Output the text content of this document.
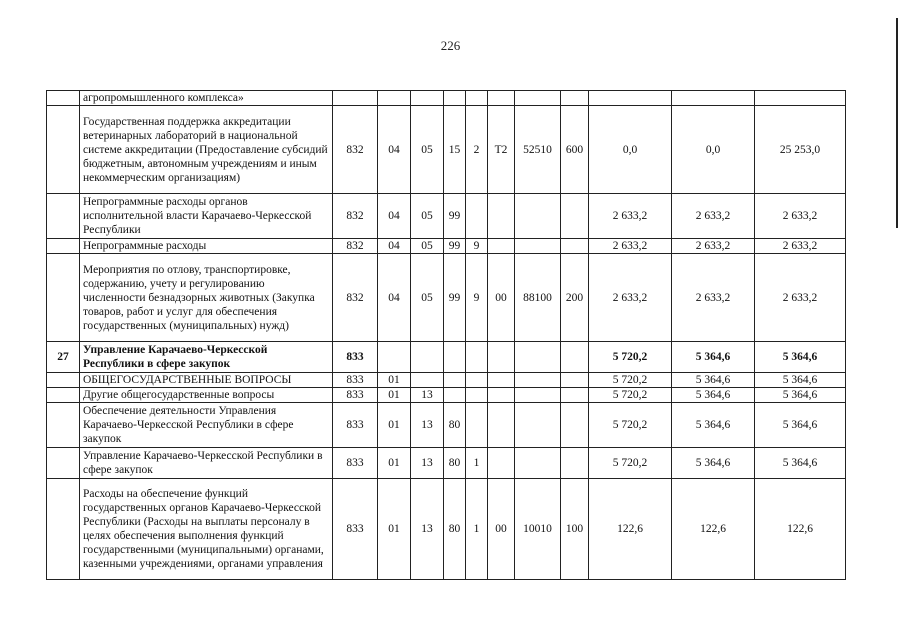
226
	агропромышленного комплекса»											
	Государственная поддержка аккредитации ветеринарных лабораторий в национальной системе аккредитации (Предоставление субсидий бюджетным, автономным учреждениям и иным некоммерческим организациям)	832	04	05	15	2	Т2	52510	600	0,0	0,0	25 253,0
	Непрограммные расходы органов исполнительной власти Карачаево-Черкесской Республики	832	04	05	99					2 633,2	2 633,2	2 633,2
	Непрограммные расходы	832	04	05	99	9				2 633,2	2 633,2	2 633,2
	Мероприятия по отлову, транспортировке, содержанию, учету и регулированию численности безнадзорных животных (Закупка товаров, работ и услуг для обеспечения государственных (муниципальных) нужд)	832	04	05	99	9	00	88100	200	2 633,2	2 633,2	2 633,2
27	Управление Карачаево-Черкесской Республики в сфере закупок	833								5 720,2	5 364,6	5 364,6
	ОБЩЕГОСУДАРСТВЕННЫЕ ВОПРОСЫ	833	01							5 720,2	5 364,6	5 364,6
	Другие общегосударственные вопросы	833	01	13						5 720,2	5 364,6	5 364,6
	Обеспечение деятельности Управления Карачаево-Черкесской Республики в сфере закупок	833	01	13	80					5 720,2	5 364,6	5 364,6
	Управление Карачаево-Черкесской Республики в сфере закупок	833	01	13	80	1				5 720,2	5 364,6	5 364,6
	Расходы на обеспечение функций государственных органов Карачаево-Черкесской Республики (Расходы на выплаты персоналу в целях обеспечения выполнения функций государственными (муниципальными) органами, казенными учреждениями, органами управления	833	01	13	80	1	00	10010	100	122,6	122,6	122,6
